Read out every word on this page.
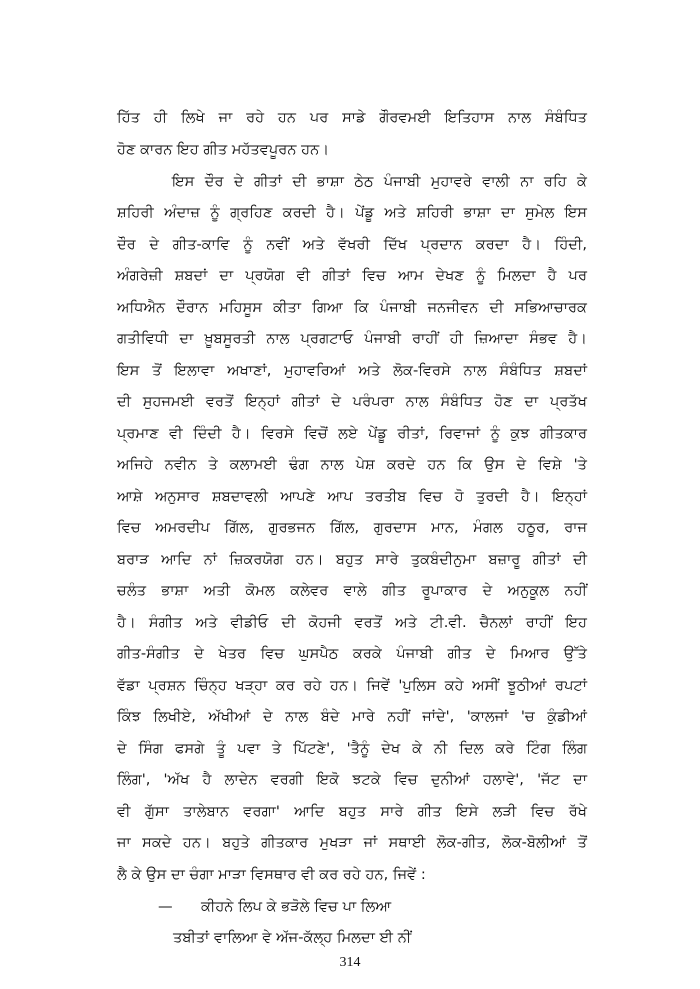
ਹਿੱਤ ਹੀ ਲਿਖੇ ਜਾ ਰਹੇ ਹਨ ਪਰ ਸਾਡੇ ਗੌਰਵਮਈ ਇਤਿਹਾਸ ਨਾਲ ਸੰਬੰਧਿਤ
ਹੋਣ ਕਾਰਨ ਇਹ ਗੀਤ ਮਹੱਤਵਪੂਰਨ ਹਨ।
ਇਸ ਦੌਰ ਦੇ ਗੀਤਾਂ ਦੀ ਭਾਸ਼ਾ ਠੇਠ ਪੰਜਾਬੀ ਮੁਹਾਵਰੇ ਵਾਲੀ ਨਾ ਰਹਿ ਕੇ
ਸ਼ਹਿਰੀ ਅੰਦਾਜ਼ ਨੂੰ ਗ੍ਰਹਿਣ ਕਰਦੀ ਹੈ। ਪੇਂਡੂ ਅਤੇ ਸ਼ਹਿਰੀ ਭਾਸ਼ਾ ਦਾ ਸੁਮੇਲ ਇਸ
ਦੌਰ ਦੇ ਗੀਤ-ਕਾਵਿ ਨੂੰ ਨਵੀਂ ਅਤੇ ਵੱਖਰੀ ਦਿੱਖ ਪ੍ਰਦਾਨ ਕਰਦਾ ਹੈ। ਹਿੰਦੀ,
ਅੰਗਰੇਜ਼ੀ ਸ਼ਬਦਾਂ ਦਾ ਪ੍ਰਯੋਗ ਵੀ ਗੀਤਾਂ ਵਿਚ ਆਮ ਦੇਖਣ ਨੂੰ ਮਿਲਦਾ ਹੈ ਪਰ
ਅਧਿਐਨ ਦੌਰਾਨ ਮਹਿਸੂਸ ਕੀਤਾ ਗਿਆ ਕਿ ਪੰਜਾਬੀ ਜਨਜੀਵਨ ਦੀ ਸਭਿਆਚਾਰਕ
ਗਤੀਵਿਧੀ ਦਾ ਖ਼ੂਬਸੂਰਤੀ ਨਾਲ ਪ੍ਰਗਟਾਓ ਪੰਜਾਬੀ ਰਾਹੀਂ ਹੀ ਜ਼ਿਆਦਾ ਸੰਭਵ ਹੈ।
ਇਸ ਤੋਂ ਇਲਾਵਾ ਅਖਾਣਾਂ, ਮੁਹਾਵਰਿਆਂ ਅਤੇ ਲੋਕ-ਵਿਰਸੇ ਨਾਲ ਸੰਬੰਧਿਤ ਸ਼ਬਦਾਂ
ਦੀ ਸੁਹਜਮਈ ਵਰਤੋਂ ਇਨ੍ਹਾਂ ਗੀਤਾਂ ਦੇ ਪਰੰਪਰਾ ਨਾਲ ਸੰਬੰਧਿਤ ਹੋਣ ਦਾ ਪ੍ਰਤੱਖ
ਪ੍ਰਮਾਣ ਵੀ ਦਿੰਦੀ ਹੈ। ਵਿਰਸੇ ਵਿਚੋਂ ਲਏ ਪੇਂਡੂ ਰੀਤਾਂ, ਰਿਵਾਜਾਂ ਨੂੰ ਕੁਝ ਗੀਤਕਾਰ
ਅਜਿਹੇ ਨਵੀਨ ਤੇ ਕਲਾਮਈ ਢੰਗ ਨਾਲ ਪੇਸ਼ ਕਰਦੇ ਹਨ ਕਿ ਉਸ ਦੇ ਵਿਸ਼ੇ 'ਤੇ
ਆਸ਼ੇ ਅਨੁਸਾਰ ਸ਼ਬਦਾਵਲੀ ਆਪਣੇ ਆਪ ਤਰਤੀਬ ਵਿਚ ਹੋ ਤੁਰਦੀ ਹੈ। ਇਨ੍ਹਾਂ
ਵਿਚ ਅਮਰਦੀਪ ਗਿੱਲ, ਗੁਰਭਜਨ ਗਿੱਲ, ਗੁਰਦਾਸ ਮਾਨ, ਮੰਗਲ ਹਠੂਰ, ਰਾਜ
ਬਰਾੜ ਆਦਿ ਨਾਂ ਜ਼ਿਕਰਯੋਗ ਹਨ। ਬਹੁਤ ਸਾਰੇ ਤੁਕਬੰਦੀਨੁਮਾ ਬਜ਼ਾਰੂ ਗੀਤਾਂ ਦੀ
ਚਲੰਤ ਭਾਸ਼ਾ ਅਤੀ ਕੋਮਲ ਕਲੇਵਰ ਵਾਲੇ ਗੀਤ ਰੂਪਾਕਾਰ ਦੇ ਅਨੁਕੂਲ ਨਹੀਂ
ਹੈ। ਸੰਗੀਤ ਅਤੇ ਵੀਡੀਓ ਦੀ ਕੋਹਜੀ ਵਰਤੋਂ ਅਤੇ ਟੀ.ਵੀ. ਚੈਨਲਾਂ ਰਾਹੀਂ ਇਹ
ਗੀਤ-ਸੰਗੀਤ ਦੇ ਖੇਤਰ ਵਿਚ ਘੁਸਪੈਠ ਕਰਕੇ ਪੰਜਾਬੀ ਗੀਤ ਦੇ ਮਿਆਰ ਉੱਤੇ
ਵੱਡਾ ਪ੍ਰਸ਼ਨ ਚਿੰਨ੍ਹ ਖੜ੍ਹਾ ਕਰ ਰਹੇ ਹਨ। ਜਿਵੇਂ 'ਪੁਲਿਸ ਕਹੇ ਅਸੀਂ ਝੂਠੀਆਂ ਰਪਟਾਂ
ਕਿੰਝ ਲਿਖੀਏ, ਅੱਖੀਆਂ ਦੇ ਨਾਲ ਬੰਦੇ ਮਾਰੇ ਨਹੀਂ ਜਾਂਦੇ', 'ਕਾਲਜਾਂ 'ਚ ਕੁੰਡੀਆਂ
ਦੇ ਸਿੰਗ ਫਸਗੇ ਤੂੰ ਪਵਾ ਤੇ ਪਿੱਟਣੇ', 'ਤੈਨੂੰ ਦੇਖ ਕੇ ਨੀ ਦਿਲ ਕਰੇ ਟਿੰਗ ਲਿੰਗ
ਲਿੰਗ', 'ਅੱਖ ਹੈ ਲਾਦੇਨ ਵਰਗੀ ਇਕੋ ਝਟਕੇ ਵਿਚ ਦੁਨੀਆਂ ਹਲਾਵੇ', 'ਜੱਟ ਦਾ
ਵੀ ਗੁੱਸਾ ਤਾਲੇਬਾਨ ਵਰਗਾ' ਆਦਿ ਬਹੁਤ ਸਾਰੇ ਗੀਤ ਇਸੇ ਲੜੀ ਵਿਚ ਰੱਖੇ
ਜਾ ਸਕਦੇ ਹਨ। ਬਹੁਤੇ ਗੀਤਕਾਰ ਮੁਖੜਾ ਜਾਂ ਸਥਾਈ ਲੋਕ-ਗੀਤ, ਲੋਕ-ਬੋਲੀਆਂ ਤੋਂ
ਲੈ ਕੇ ਉਸ ਦਾ ਚੰਗਾ ਮਾੜਾ ਵਿਸਥਾਰ ਵੀ ਕਰ ਰਹੇ ਹਨ, ਜਿਵੇਂ :
— ਕੀਹਨੇ ਲਿਪ ਕੇ ਭੜੋਲੇ ਵਿਚ ਪਾ ਲਿਆ
ਤਬੀਤਾਂ ਵਾਲਿਆ ਵੇ ਅੱਜ-ਕੱਲ੍ਹ ਮਿਲਦਾ ਈ ਨੀਂ
314
